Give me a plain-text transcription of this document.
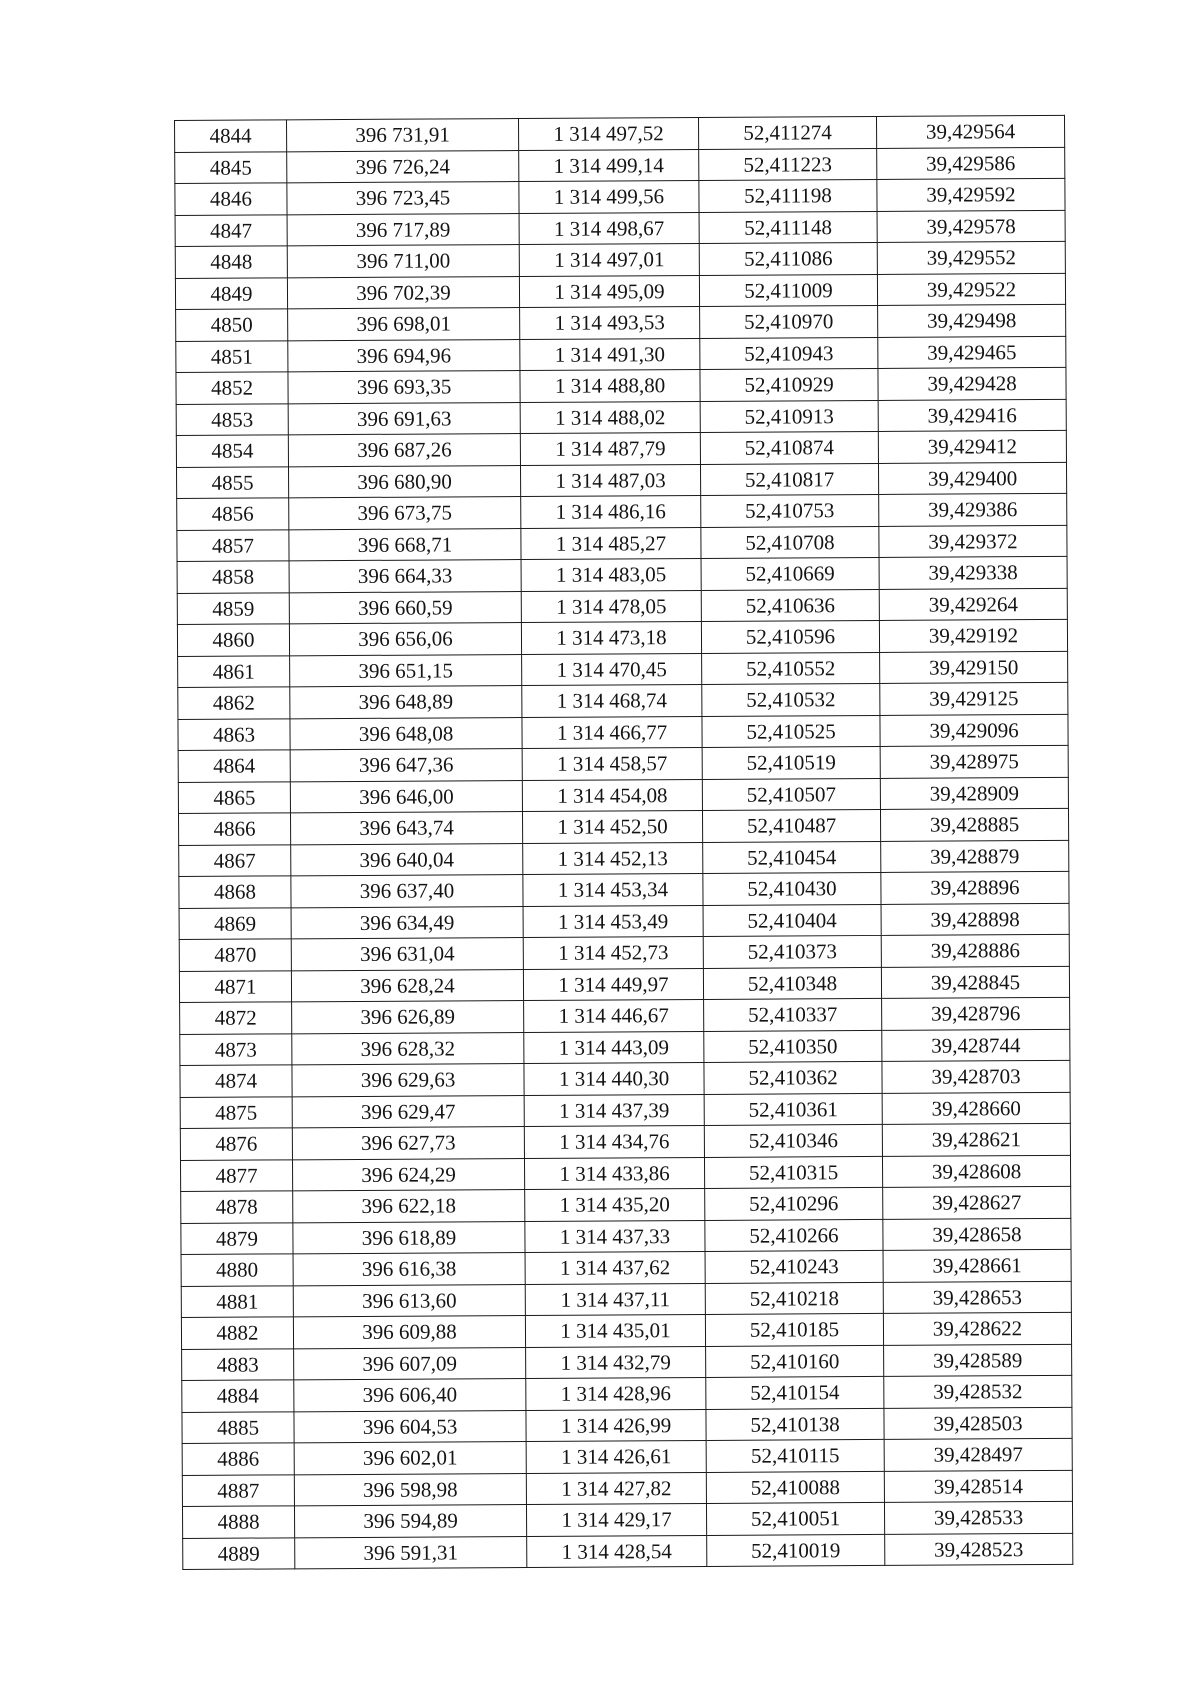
4844	396 731,91	1 314 497,52	52,411274	39,429564
4845	396 726,24	1 314 499,14	52,411223	39,429586
4846	396 723,45	1 314 499,56	52,411198	39,429592
4847	396 717,89	1 314 498,67	52,411148	39,429578
4848	396 711,00	1 314 497,01	52,411086	39,429552
4849	396 702,39	1 314 495,09	52,411009	39,429522
4850	396 698,01	1 314 493,53	52,410970	39,429498
4851	396 694,96	1 314 491,30	52,410943	39,429465
4852	396 693,35	1 314 488,80	52,410929	39,429428
4853	396 691,63	1 314 488,02	52,410913	39,429416
4854	396 687,26	1 314 487,79	52,410874	39,429412
4855	396 680,90	1 314 487,03	52,410817	39,429400
4856	396 673,75	1 314 486,16	52,410753	39,429386
4857	396 668,71	1 314 485,27	52,410708	39,429372
4858	396 664,33	1 314 483,05	52,410669	39,429338
4859	396 660,59	1 314 478,05	52,410636	39,429264
4860	396 656,06	1 314 473,18	52,410596	39,429192
4861	396 651,15	1 314 470,45	52,410552	39,429150
4862	396 648,89	1 314 468,74	52,410532	39,429125
4863	396 648,08	1 314 466,77	52,410525	39,429096
4864	396 647,36	1 314 458,57	52,410519	39,428975
4865	396 646,00	1 314 454,08	52,410507	39,428909
4866	396 643,74	1 314 452,50	52,410487	39,428885
4867	396 640,04	1 314 452,13	52,410454	39,428879
4868	396 637,40	1 314 453,34	52,410430	39,428896
4869	396 634,49	1 314 453,49	52,410404	39,428898
4870	396 631,04	1 314 452,73	52,410373	39,428886
4871	396 628,24	1 314 449,97	52,410348	39,428845
4872	396 626,89	1 314 446,67	52,410337	39,428796
4873	396 628,32	1 314 443,09	52,410350	39,428744
4874	396 629,63	1 314 440,30	52,410362	39,428703
4875	396 629,47	1 314 437,39	52,410361	39,428660
4876	396 627,73	1 314 434,76	52,410346	39,428621
4877	396 624,29	1 314 433,86	52,410315	39,428608
4878	396 622,18	1 314 435,20	52,410296	39,428627
4879	396 618,89	1 314 437,33	52,410266	39,428658
4880	396 616,38	1 314 437,62	52,410243	39,428661
4881	396 613,60	1 314 437,11	52,410218	39,428653
4882	396 609,88	1 314 435,01	52,410185	39,428622
4883	396 607,09	1 314 432,79	52,410160	39,428589
4884	396 606,40	1 314 428,96	52,410154	39,428532
4885	396 604,53	1 314 426,99	52,410138	39,428503
4886	396 602,01	1 314 426,61	52,410115	39,428497
4887	396 598,98	1 314 427,82	52,410088	39,428514
4888	396 594,89	1 314 429,17	52,410051	39,428533
4889	396 591,31	1 314 428,54	52,410019	39,428523
